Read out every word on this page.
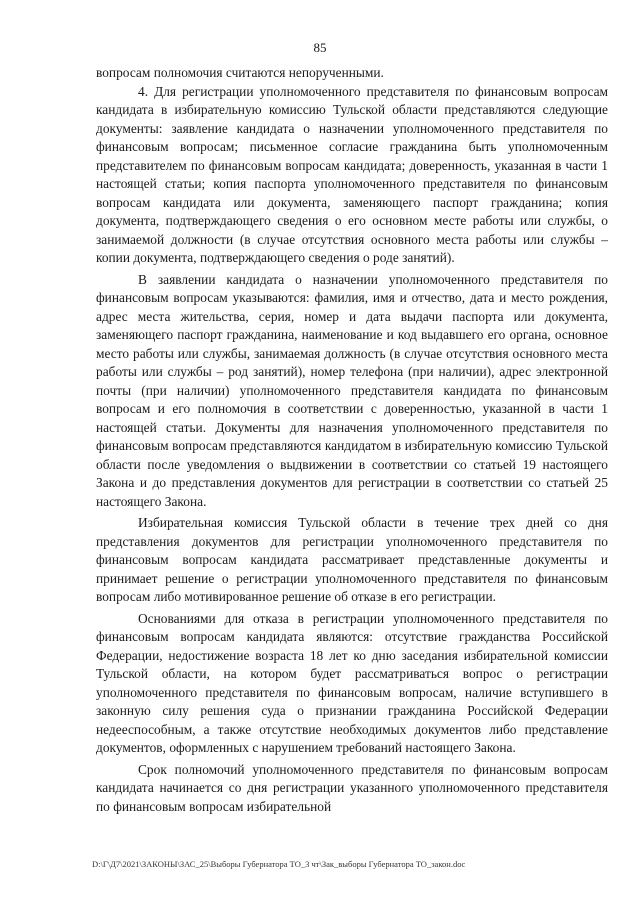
85

вопросам полномочия считаются непорученными.

4. Для регистрации уполномоченного представителя по финансовым вопросам кандидата в избирательную комиссию Тульской области представляются следующие документы: заявление кандидата о назначении уполномоченного представителя по финансовым вопросам; письменное согласие гражданина быть уполномоченным представителем по финансовым вопросам кандидата; доверенность, указанная в части 1 настоящей статьи; копия паспорта уполномоченного представителя по финансовым вопросам кандидата или документа, заменяющего паспорт гражданина; копия документа, подтверждающего сведения о его основном месте работы или службы, о занимаемой должности (в случае отсутствия основного места работы или службы – копии документа, подтверждающего сведения о роде занятий).

В заявлении кандидата о назначении уполномоченного представителя по финансовым вопросам указываются: фамилия, имя и отчество, дата и место рождения, адрес места жительства, серия, номер и дата выдачи паспорта или документа, заменяющего паспорт гражданина, наименование и код выдавшего его органа, основное место работы или службы, занимаемая должность (в случае отсутствия основного места работы или службы – род занятий), номер телефона (при наличии), адрес электронной почты (при наличии) уполномоченного представителя кандидата по финансовым вопросам и его полномочия в соответствии с доверенностью, указанной в части 1 настоящей статьи. Документы для назначения уполномоченного представителя по финансовым вопросам представляются кандидатом в избирательную комиссию Тульской области после уведомления о выдвижении в соответствии со статьей 19 настоящего Закона и до представления документов для регистрации в соответствии со статьей 25 настоящего Закона.

Избирательная комиссия Тульской области в течение трех дней со дня представления документов для регистрации уполномоченного представителя по финансовым вопросам кандидата рассматривает представленные документы и принимает решение о регистрации уполномоченного представителя по финансовым вопросам либо мотивированное решение об отказе в его регистрации.

Основаниями для отказа в регистрации уполномоченного представителя по финансовым вопросам кандидата являются: отсутствие гражданства Российской Федерации, недостижение возраста 18 лет ко дню заседания избирательной комиссии Тульской области, на котором будет рассматриваться вопрос о регистрации уполномоченного представителя по финансовым вопросам, наличие вступившего в законную силу решения суда о признании гражданина Российской Федерации недееспособным, а также отсутствие необходимых документов либо представление документов, оформленных с нарушением требований настоящего Закона.

Срок полномочий уполномоченного представителя по финансовым вопросам кандидата начинается со дня регистрации указанного уполномоченного представителя по финансовым вопросам избирательной

D:\Г\Д7\2021\ЗАКОНЫ\ЗАС_25\Выборы Губернатора ТО_3 чт\Зак_выборы Губернатора ТО_закон.doc
